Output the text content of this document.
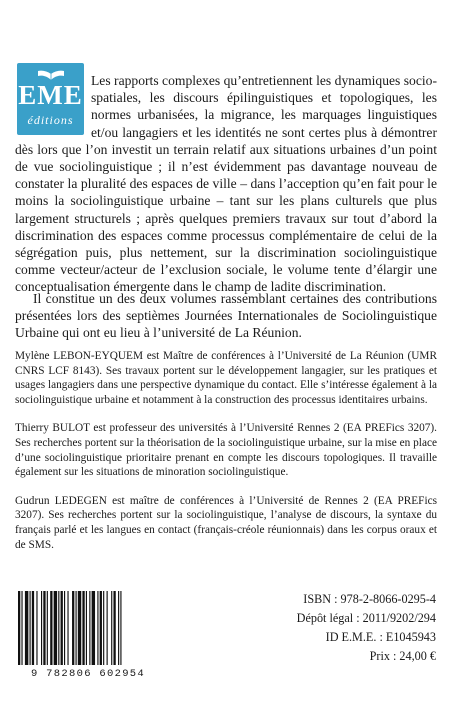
EME
éditions
Les rapports complexes qu’entretiennent les dynamiques socio-spatiales, les discours épilinguistiques et topologiques, les normes urbanisées, la migrance, les marquages linguistiques et/ou langagiers et les identités ne sont certes plus à démontrer dès lors que l’on investit un terrain relatif aux situations urbaines d’un point de vue sociolinguistique ; il n’est évidemment pas davantage nouveau de constater la pluralité des espaces de ville – dans l’acception qu’en fait pour le moins la sociolinguistique urbaine – tant sur les plans culturels que plus largement structurels ; après quelques premiers travaux sur tout d’abord la discrimination des espaces comme processus complémentaire de celui de la ségrégation puis, plus nettement, sur la discrimination sociolinguistique comme vecteur/acteur de l’exclusion sociale, le volume tente d’élargir une conceptualisation émergente dans le champ de ladite discrimination.
Il constitue un des deux volumes rassemblant certaines des contributions présentées lors des septièmes Journées Internationales de Sociolinguistique Urbaine qui ont eu lieu à l’université de La Réunion.

Mylène LEBON-EYQUEM est Maître de conférences à l’Université de La Réunion (UMR CNRS LCF 8143). Ses travaux portent sur le développement langagier, sur les pratiques et usages langagiers dans une perspective dynamique du contact. Elle s’intéresse également à la sociolinguistique urbaine et notamment à la construction des processus identitaires urbains.

Thierry BULOT est professeur des universités à l’Université Rennes 2 (EA PREFics 3207). Ses recherches portent sur la théorisation de la sociolinguistique urbaine, sur la mise en place d’une sociolinguistique prioritaire prenant en compte les discours topologiques. Il travaille également sur les situations de minoration sociolinguistique.

Gudrun LEDEGEN est maître de conférences à l’Université de Rennes 2 (EA PREFics 3207). Ses recherches portent sur la sociolinguistique, l’analyse de discours, la syntaxe du français parlé et les langues en contact (français-créole réunionnais) dans les corpus oraux et de SMS.

9 782806 602954
ISBN : 978-2-8066-0295-4
Dépôt légal : 2011/9202/294
ID E.M.E. : E1045943
Prix : 24,00 €
